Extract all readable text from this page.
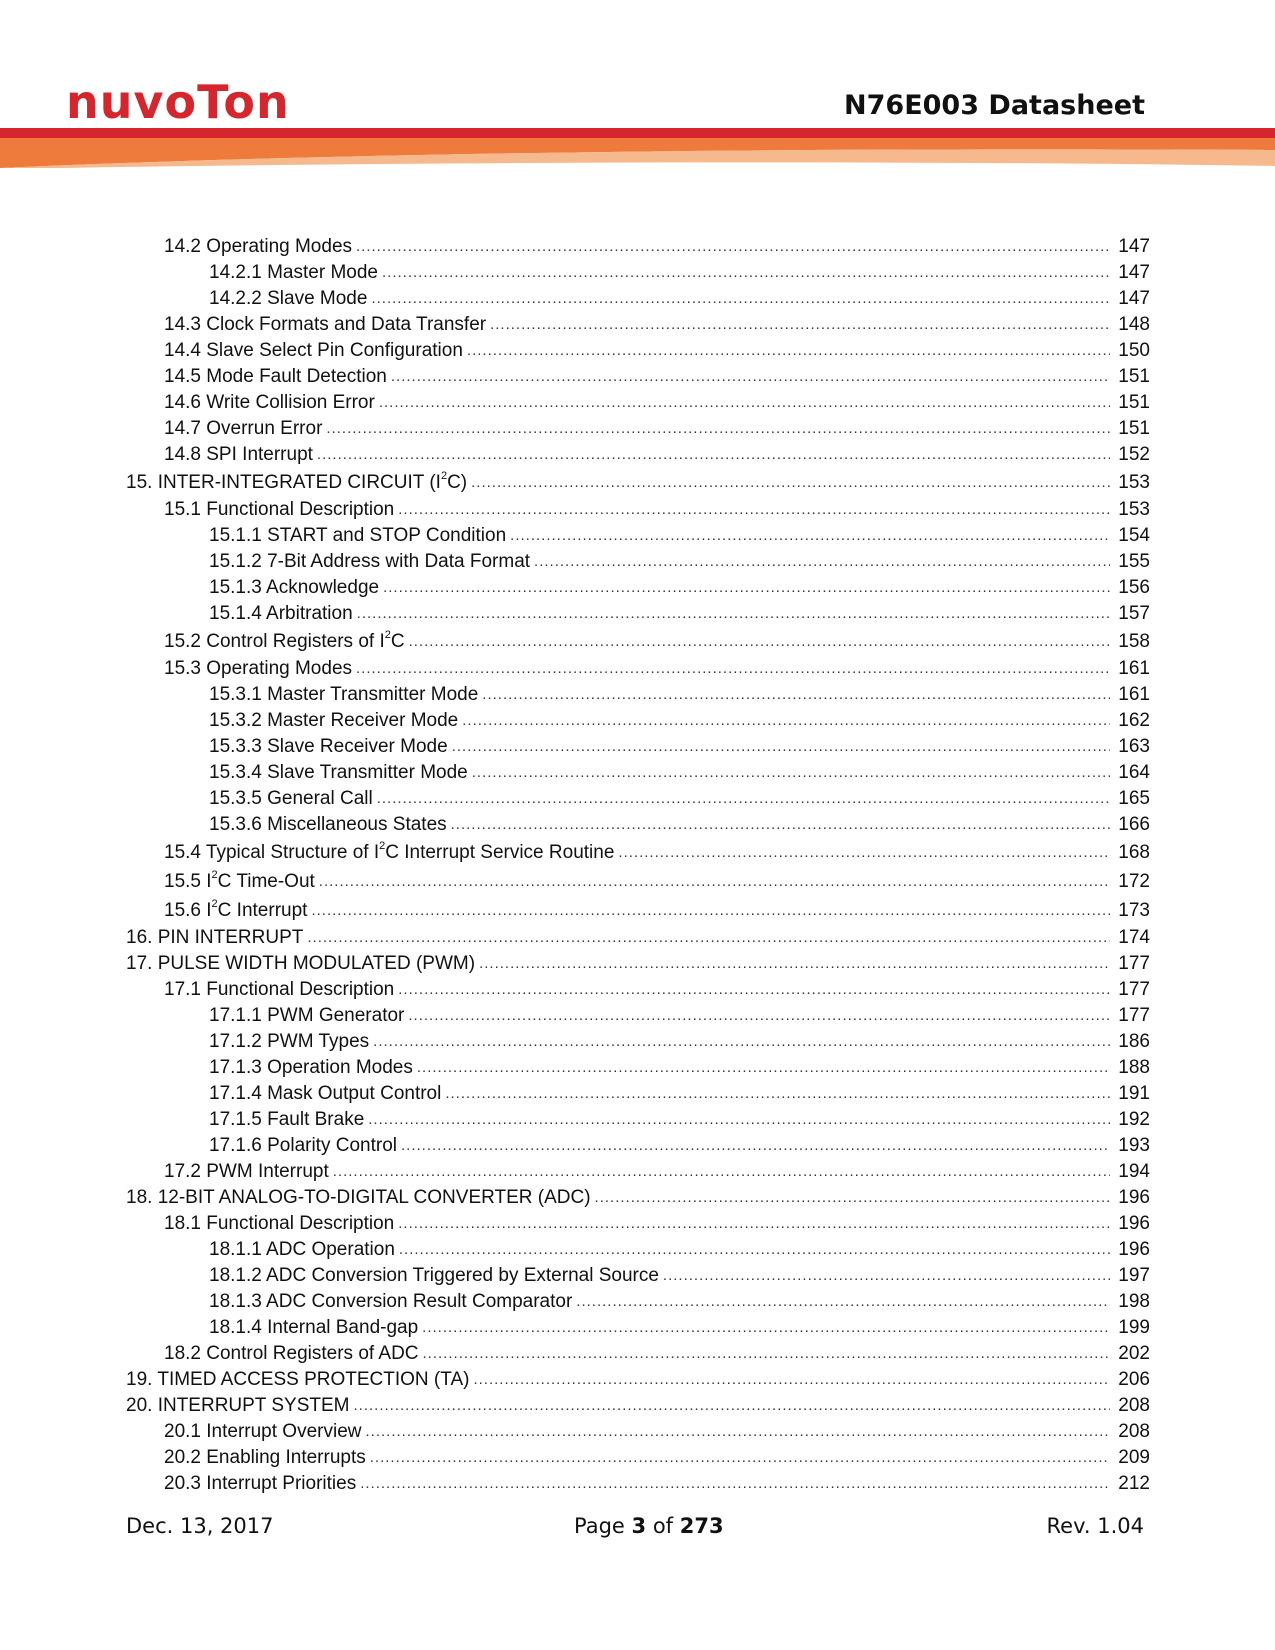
nuvoTon	N76E003 Datasheet
14.2 Operating Modes .....	147
14.2.1 Master Mode .....	147
14.2.2 Slave Mode .....	147
14.3 Clock Formats and Data Transfer .....	148
14.4 Slave Select Pin Configuration .....	150
14.5 Mode Fault Detection .....	151
14.6 Write Collision Error .....	151
14.7 Overrun Error .....	151
14.8 SPI Interrupt .....	152
15. INTER-INTEGRATED CIRCUIT $(I^2C)$ .....	153
15.1 Functional Description .....	153
15.1.1 START and STOP Condition .....	154
15.1.2 7-Bit Address with Data Format .....	155
15.1.3 Acknowledge .....	156
15.1.4 Arbitration .....	157
15.2 Control Registers of $I^2C$ .....	158
15.3 Operating Modes .....	161
15.3.1 Master Transmitter Mode .....	161
15.3.2 Master Receiver Mode .....	162
15.3.3 Slave Receiver Mode .....	163
15.3.4 Slave Transmitter Mode .....	164
15.3.5 General Call .....	165
15.3.6 Miscellaneous States .....	166
15.4 Typical Structure of $I^2C$ Interrupt Service Routine .....	168
15.5 $I^2C$ Time-Out .....	172
15.6 $I^2C$ Interrupt .....	173
16. PIN INTERRUPT .....	174
17. PULSE WIDTH MODULATED (PWM) .....	177
17.1 Functional Description .....	177
17.1.1 PWM Generator .....	177
17.1.2 PWM Types .....	186
17.1.3 Operation Modes .....	188
17.1.4 Mask Output Control .....	191
17.1.5 Fault Brake .....	192
17.1.6 Polarity Control .....	193
17.2 PWM Interrupt .....	194
18. 12-BIT ANALOG-TO-DIGITAL CONVERTER (ADC) .....	196
18.1 Functional Description .....	196
18.1.1 ADC Operation .....	196
18.1.2 ADC Conversion Triggered by External Source .....	197
18.1.3 ADC Conversion Result Comparator .....	198
18.1.4 Internal Band-gap .....	199
18.2 Control Registers of ADC .....	202
19. TIMED ACCESS PROTECTION (TA) .....	206
20. INTERRUPT SYSTEM .....	208
20.1 Interrupt Overview .....	208
20.2 Enabling Interrupts .....	209
20.3 Interrupt Priorities .....	212
Dec. 13, 2017	Page 3 of 273	Rev. 1.04
